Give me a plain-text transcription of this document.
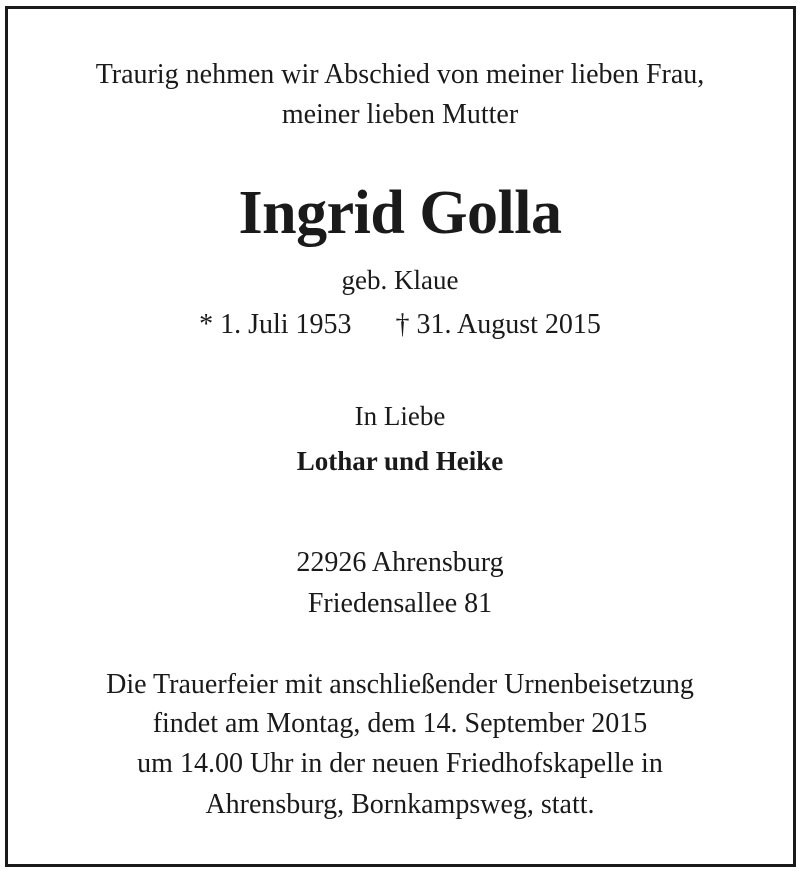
Traurig nehmen wir Abschied von meiner lieben Frau,
meiner lieben Mutter
Ingrid Golla
geb. Klaue
* 1. Juli 1953 † 31. August 2015
In Liebe
Lothar und Heike
22926 Ahrensburg
Friedensallee 81
Die Trauerfeier mit anschließender Urnenbeisetzung
findet am Montag, dem 14. September 2015
um 14.00 Uhr in der neuen Friedhofskapelle in
Ahrensburg, Bornkampsweg, statt.
